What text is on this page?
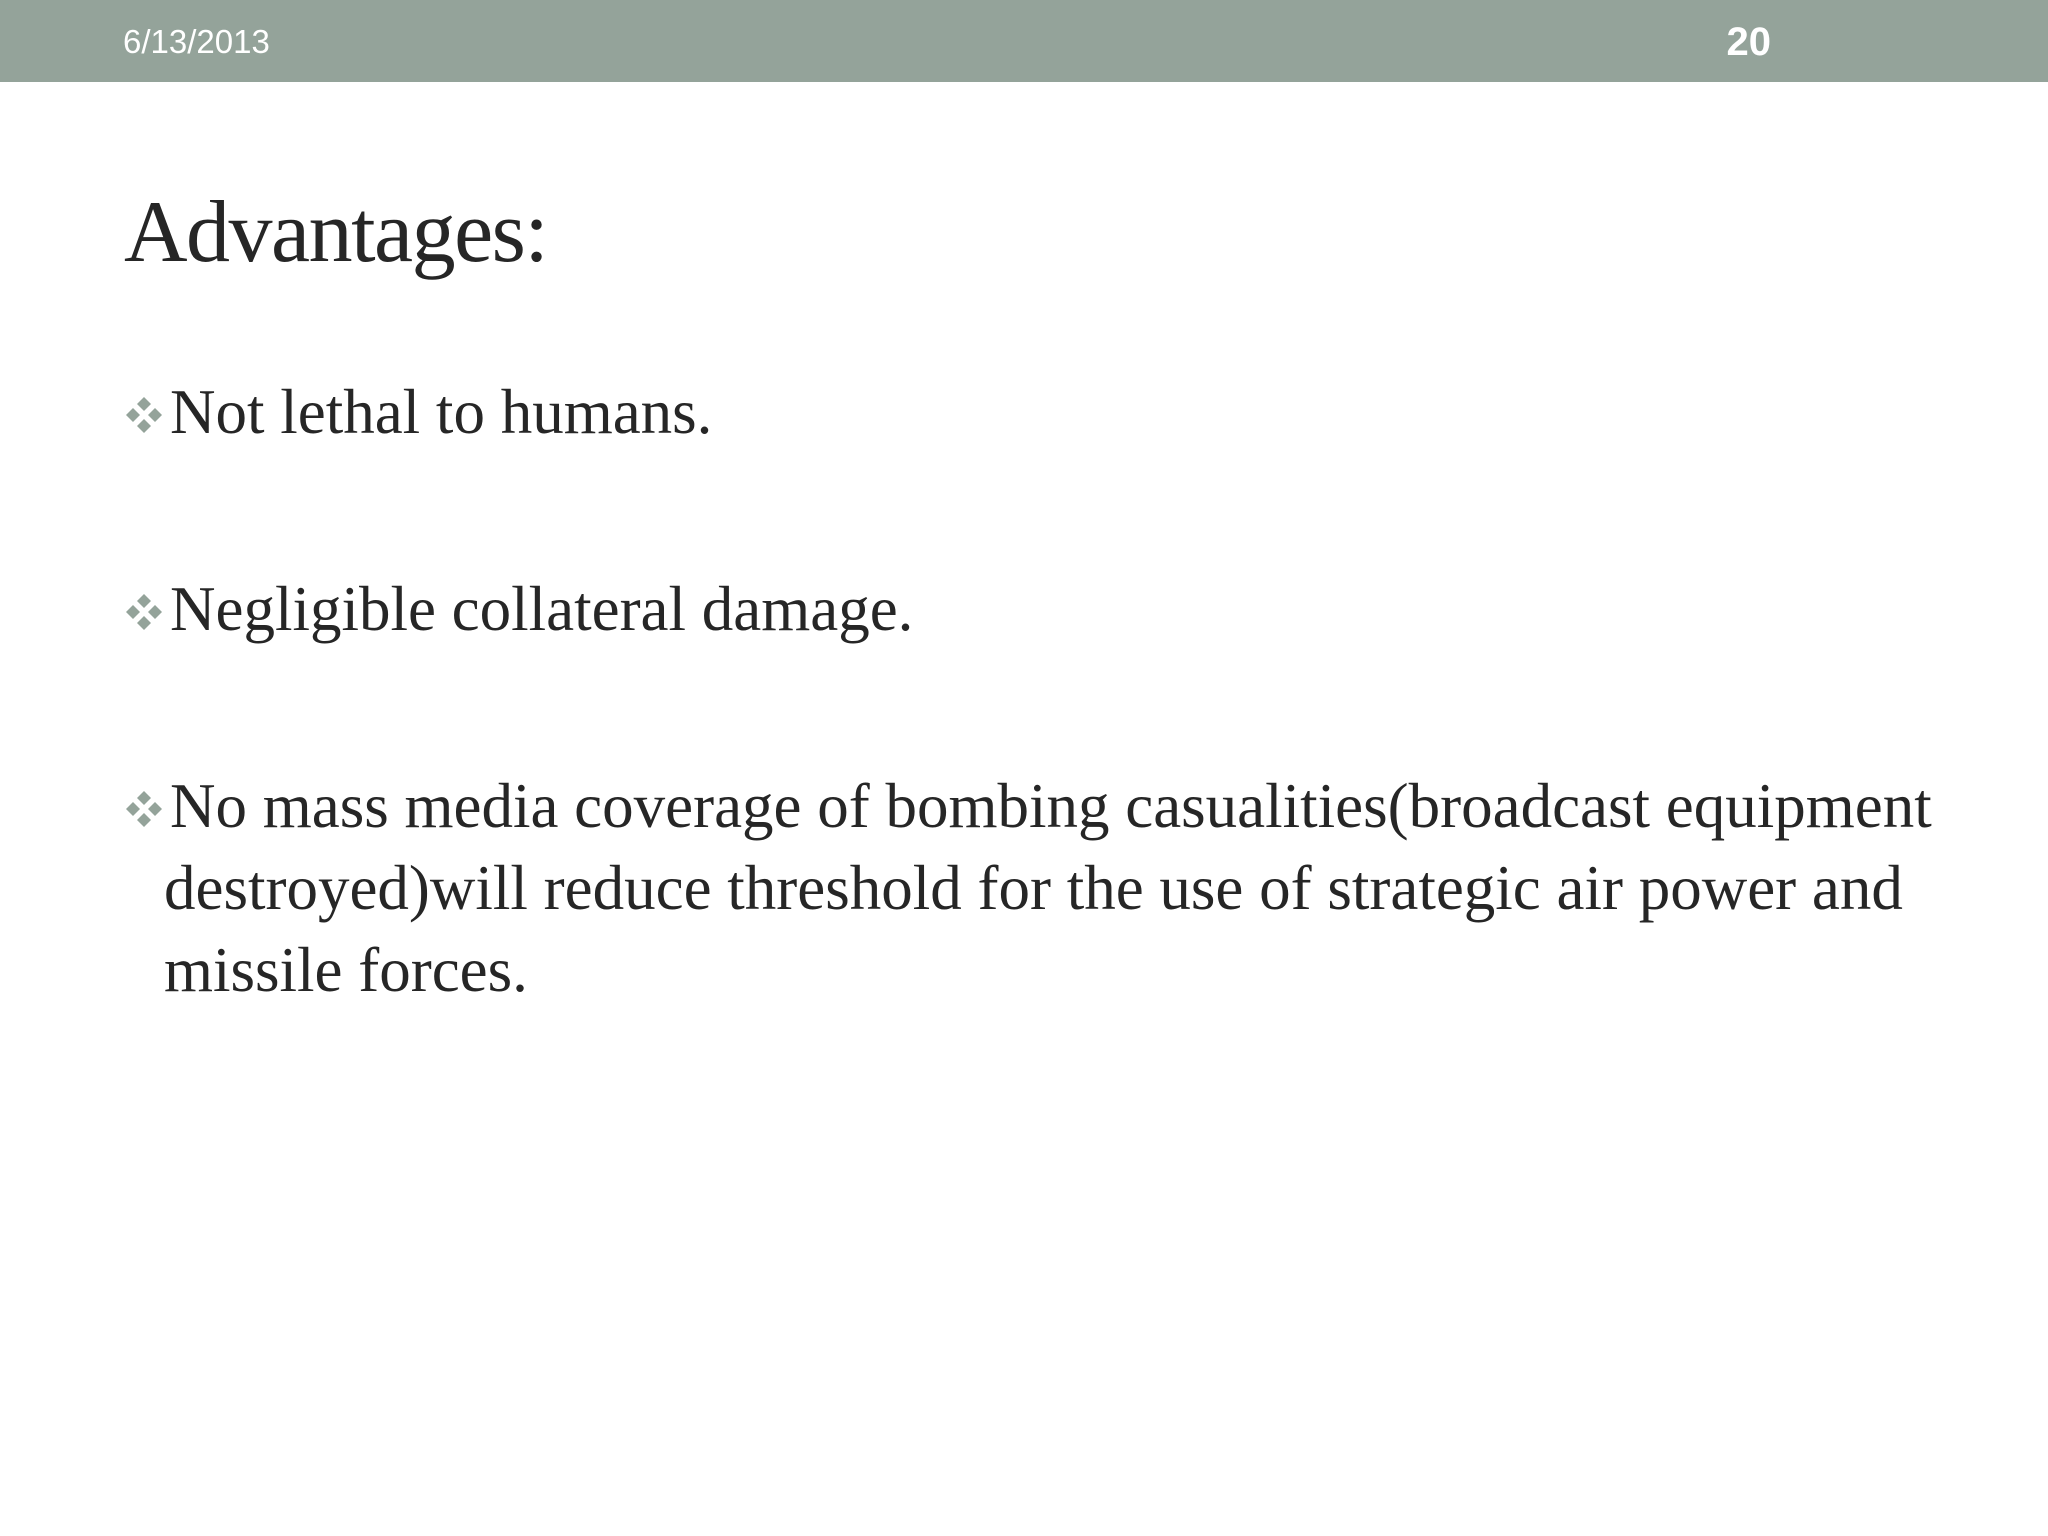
6/13/2013	20
Advantages:
Not lethal to humans.
Negligible collateral damage.
No mass media coverage of bombing casualities(broadcast equipment destroyed)will reduce threshold for the use of strategic air power and missile forces.
